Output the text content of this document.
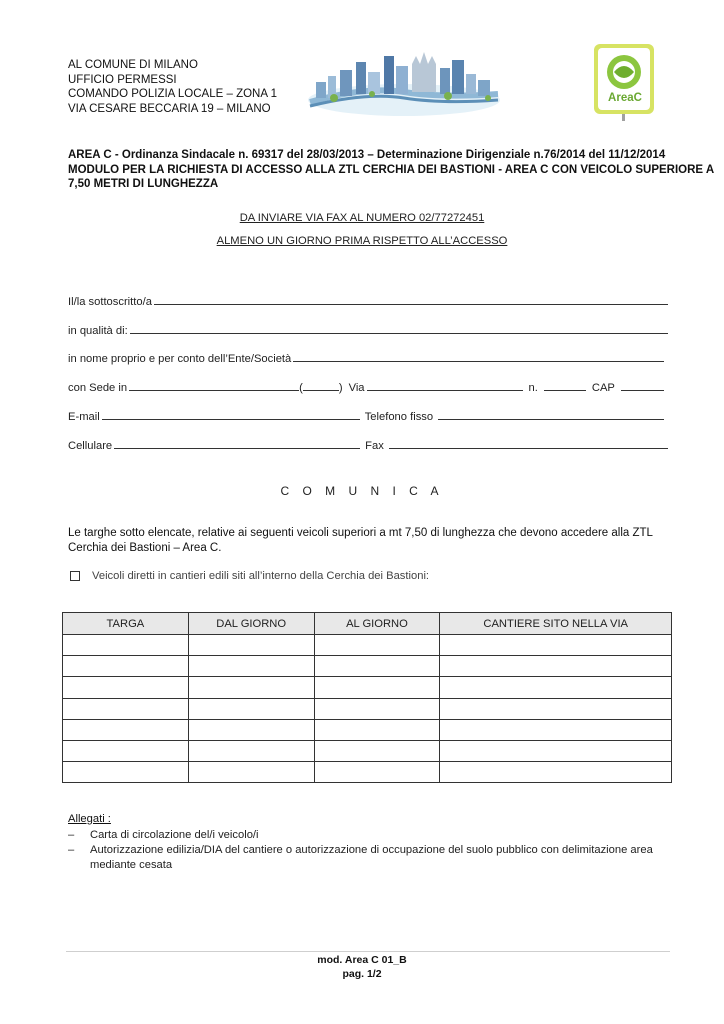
AL COMUNE DI MILANO
UFFICIO PERMESSI
COMANDO POLIZIA LOCALE – ZONA 1
VIA CESARE BECCARIA 19 – MILANO
AreaC
AREA C - Ordinanza Sindacale n. 69317 del 28/03/2013 – Determinazione Dirigenziale n.76/2014 del 11/12/2014
MODULO PER LA RICHIESTA DI ACCESSO ALLA ZTL CERCHIA DEI BASTIONI - AREA C CON VEICOLO SUPERIORE A
7,50 METRI DI LUNGHEZZA
DA INVIARE VIA FAX AL NUMERO 02/77272451
ALMENO UN GIORNO PRIMA RISPETTO ALL’ACCESSO
Il/la sottoscritto/a
in qualità di:
in nome proprio e per conto dell’Ente/Società
con Sede in	(	) Via	n.	CAP
E-mail	Telefono fisso
Cellulare	Fax
C O M U N I C A
Le targhe sotto elencate, relative ai seguenti veicoli superiori a mt 7,50 di lunghezza che devono accedere alla ZTL Cerchia dei Bastioni – Area C.
Veicoli diretti in cantieri edili siti all’interno della Cerchia dei Bastioni:
TARGA	DAL GIORNO	AL GIORNO	CANTIERE SITO NELLA VIA

Allegati :
–	Carta di circolazione del/i veicolo/i
–	Autorizzazione edilizia/DIA del cantiere o autorizzazione di occupazione del suolo pubblico con delimitazione area mediante cesata
mod. Area C 01_B
pag. 1/2
